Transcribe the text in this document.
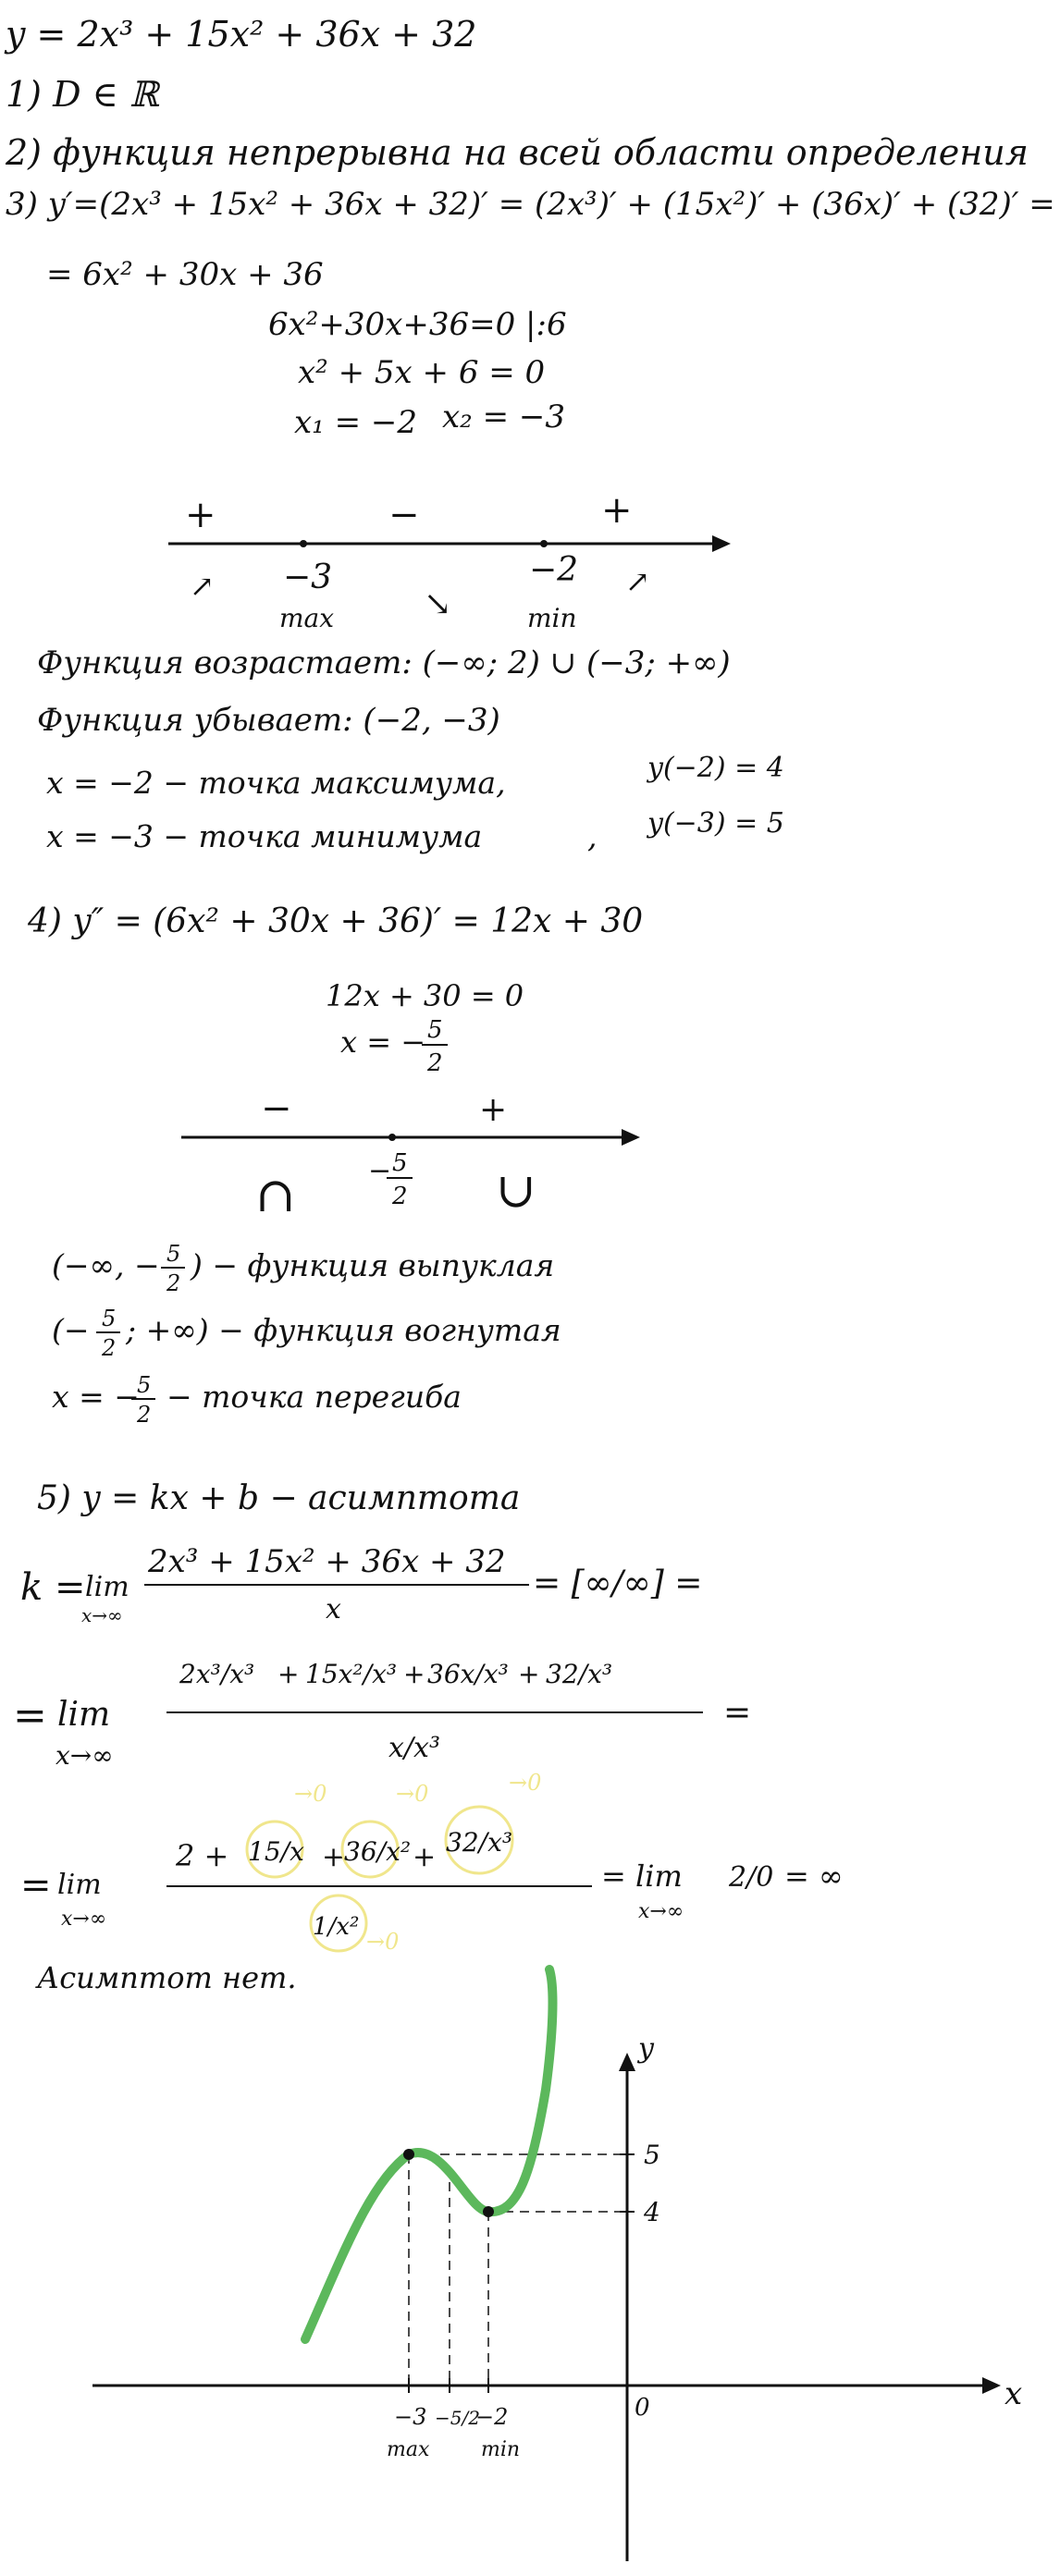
y = 2x³ + 15x² + 36x + 32
1) D ∈ ℝ
2) функция непрерывна на всей области определения
3) y′=(2x³ + 15x² + 36x + 32)′ = (2x³)′ + (15x²)′ + (36x)′ + (32)′ =
= 6x² + 30x + 36
6x²+30x+36=0 |:6
x² + 5x + 6 = 0
x₁ = −2 x₂ = −3
+	−	+
−3	−2
max	min
↗	↘
↗
Функция возрастает: (−∞; 2) ∪ (−3; +∞)
Функция убывает: (−2, −3)
x = −2 − точка максимума,	y(−2) = 4
x = −3 − точка минимума	, y(−3) = 5
4) y″ = (6x² + 30x + 36)′ = 12x + 30
12x + 30 = 0
x = − 5
2
−	+
− 5
2
∩	∪
(−∞, − 5
2 ) − функция выпуклая
(− 5
2 ; +∞) − функция вогнутая
x = −
5
2 − точка перегиба
5) y = kx + b − асимптота
k = lim
x→∞
2x³ + 15x² + 36x + 32
x
= [∞/∞] =
= lim
x→∞
2x³/x³ + 15x²/x³ + 36x/x³ + 32/x³
x/x³
=
= lim
x→∞
2 + 15/x +
36/x² + 32/x³
1/x²
→0	→0	→0
→0
= lim
x→∞
2/0 = ∞
Асимптот нет.
x
y
0
5
4
−3 −5/2
−2
max	min
